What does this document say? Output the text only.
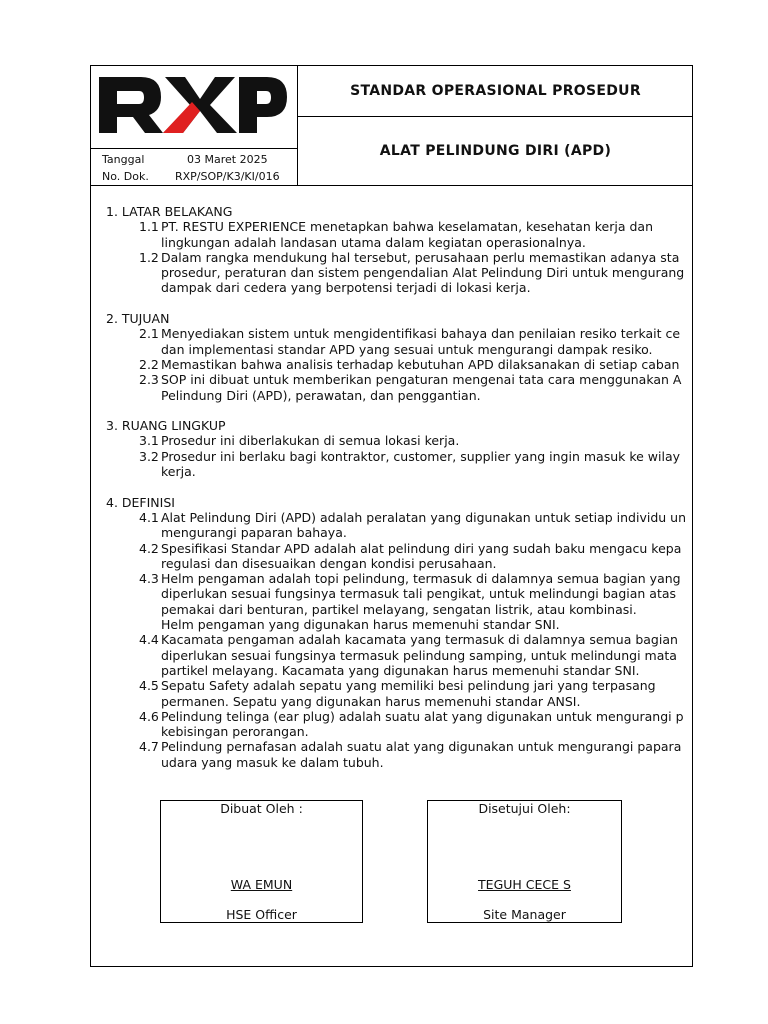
Tanggal	03 Maret 2025
No. Dok. RXP/SOP/K3/KI/016
STANDAR OPERASIONAL PROSEDUR
ALAT PELINDUNG DIRI (APD)
1. LATAR BELAKANG
1.1 PT. RESTU EXPERIENCE menetapkan bahwa keselamatan, kesehatan kerja dan
lingkungan adalah landasan utama dalam kegiatan operasionalnya.
1.2 Dalam rangka mendukung hal tersebut, perusahaan perlu memastikan adanya sta
prosedur, peraturan dan sistem pengendalian Alat Pelindung Diri untuk mengurang
dampak dari cedera yang berpotensi terjadi di lokasi kerja.
2. TUJUAN
2.1 Menyediakan sistem untuk mengidentifikasi bahaya dan penilaian resiko terkait ce
dan implementasi standar APD yang sesuai untuk mengurangi dampak resiko.
2.2 Memastikan bahwa analisis terhadap kebutuhan APD dilaksanakan di setiap caban
2.3 SOP ini dibuat untuk memberikan pengaturan mengenai tata cara menggunakan A
Pelindung Diri (APD), perawatan, dan penggantian.
3. RUANG LINGKUP
3.1 Prosedur ini diberlakukan di semua lokasi kerja.
3.2 Prosedur ini berlaku bagi kontraktor, customer, supplier yang ingin masuk ke wilay
kerja.
4. DEFINISI
4.1 Alat Pelindung Diri (APD) adalah peralatan yang digunakan untuk setiap individu un
mengurangi paparan bahaya.
4.2 Spesifikasi Standar APD adalah alat pelindung diri yang sudah baku mengacu kepa
regulasi dan disesuaikan dengan kondisi perusahaan.
4.3 Helm pengaman adalah topi pelindung, termasuk di dalamnya semua bagian yang
diperlukan sesuai fungsinya termasuk tali pengikat, untuk melindungi bagian atas
pemakai dari benturan, partikel melayang, sengatan listrik, atau kombinasi.
Helm pengaman yang digunakan harus memenuhi standar SNI.
4.4 Kacamata pengaman adalah kacamata yang termasuk di dalamnya semua bagian
diperlukan sesuai fungsinya termasuk pelindung samping, untuk melindungi mata
partikel melayang. Kacamata yang digunakan harus memenuhi standar SNI.
4.5 Sepatu Safety adalah sepatu yang memiliki besi pelindung jari yang terpasang
permanen. Sepatu yang digunakan harus memenuhi standar ANSI.
4.6 Pelindung telinga (ear plug) adalah suatu alat yang digunakan untuk mengurangi p
kebisingan perorangan.
4.7 Pelindung pernafasan adalah suatu alat yang digunakan untuk mengurangi papara
udara yang masuk ke dalam tubuh.
Dibuat Oleh :
WA EMUN
HSE Officer
Disetujui Oleh:
TEGUH CECE S
Site Manager
